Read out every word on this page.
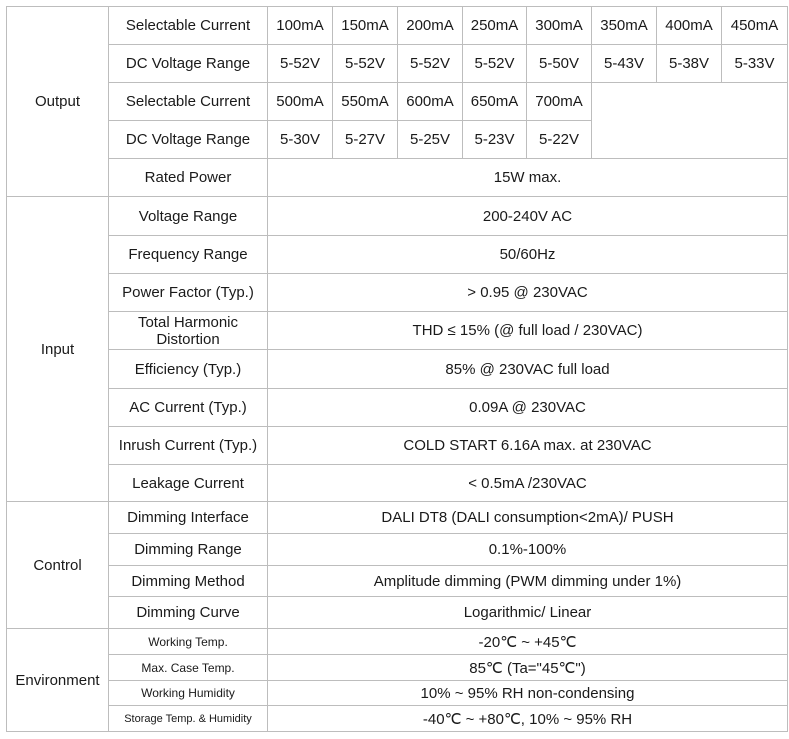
Output	Selectable Current	100mA	150mA	200mA	250mA	300mA	350mA	400mA	450mA
	DC Voltage Range	5-52V	5-52V	5-52V	5-52V	5-50V	5-43V	5-38V	5-33V
	Selectable Current	500mA	550mA	600mA	650mA	700mA			
	DC Voltage Range	5-30V	5-27V	5-25V	5-23V	5-22V			
	Rated Power	15W max.							
Input	Voltage Range	200-240V AC							
	Frequency Range	50/60Hz							
	Power Factor (Typ.)	> 0.95 @ 230VAC							
	Total Harmonic Distortion	THD ≤ 15% (@ full load / 230VAC)							
	Efficiency (Typ.)	85% @ 230VAC full load							
	AC Current (Typ.)	0.09A @ 230VAC							
	Inrush Current (Typ.)	COLD START 6.16A max. at 230VAC							
	Leakage Current	< 0.5mA /230VAC							
Control	Dimming Interface	DALI DT8 (DALI consumption<2mA)/ PUSH							
	Dimming Range	0.1%-100%							
	Dimming Method	Amplitude dimming (PWM dimming under 1%)							
	Dimming Curve	Logarithmic/ Linear							
Environment	Working Temp.	-20℃ ~ +45℃							
	Max. Case Temp.	85℃ (Ta="45℃")							
	Working Humidity	10% ~ 95% RH non-condensing							
	Storage Temp. & Humidity	-40℃ ~ +80℃, 10% ~ 95% RH							
